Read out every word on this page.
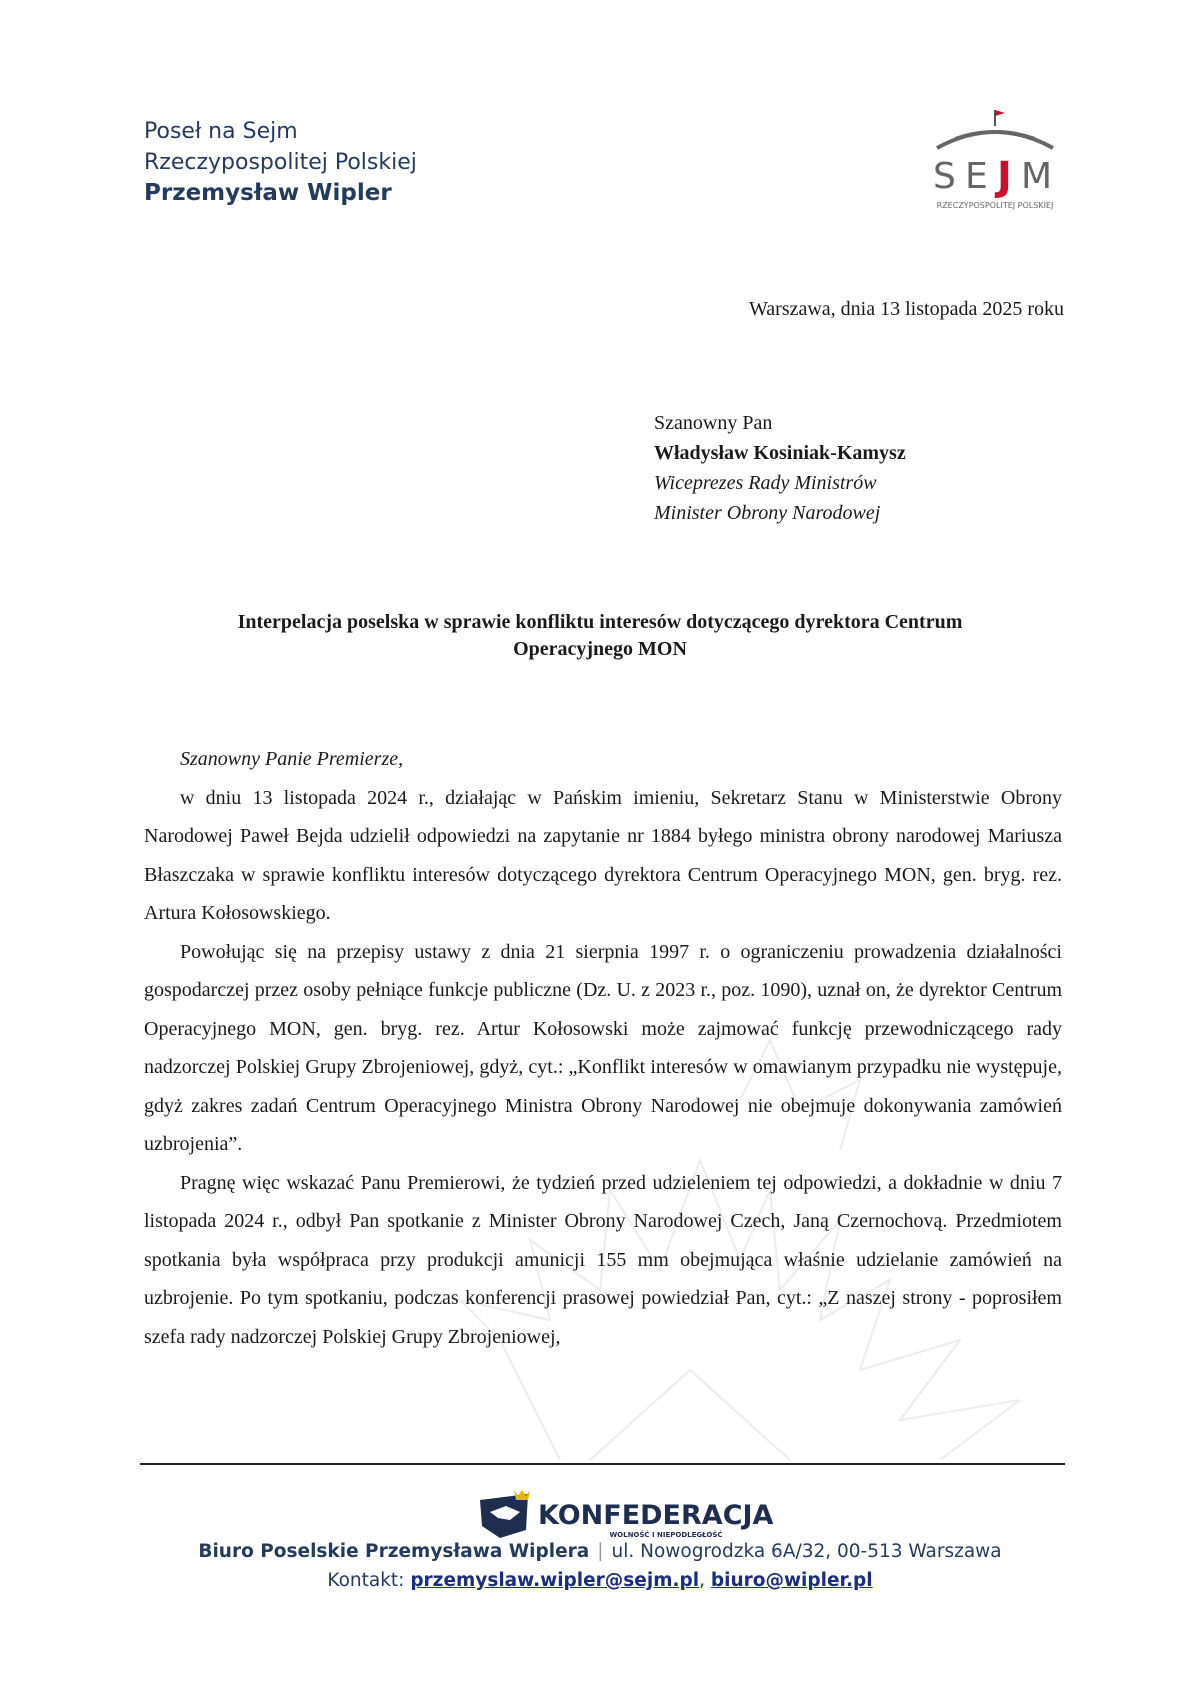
Poseł na Sejm
Rzeczypospolitej Polskiej
Przemysław Wipler	S E J M
RZECZYPOSPOLITEJ POLSKIEJ
Warszawa, dnia 13 listopada 2025 roku
Szanowny Pan
Władysław Kosiniak-Kamysz
Wiceprezes Rady Ministrów
Minister Obrony Narodowej
Interpelacja poselska w sprawie konfliktu interesów dotyczącego dyrektora Centrum
Operacyjnego MON

Szanowny Panie Premierze,

w dniu 13 listopada 2024 r., działając w Pańskim imieniu, Sekretarz Stanu w Ministerstwie Obrony Narodowej Paweł Bejda udzielił odpowiedzi na zapytanie nr 1884 byłego ministra obrony narodowej Mariusza Błaszczaka w sprawie konfliktu interesów dotyczącego dyrektora Centrum Operacyjnego MON, gen. bryg. rez. Artura Kołosowskiego.

Powołując się na przepisy ustawy z dnia 21 sierpnia 1997 r. o ograniczeniu prowadzenia działalności gospodarczej przez osoby pełniące funkcje publiczne (Dz. U. z 2023 r., poz. 1090), uznał on, że dyrektor Centrum Operacyjnego MON, gen. bryg. rez. Artur Kołosowski może zajmować funkcję przewodniczącego rady nadzorczej Polskiej Grupy Zbrojeniowej, gdyż, cyt.: „Konflikt interesów w omawianym przypadku nie występuje, gdyż zakres zadań Centrum Operacyjnego Ministra Obrony Narodowej nie obejmuje dokonywania zamówień uzbrojenia”.

Pragnę więc wskazać Panu Premierowi, że tydzień przed udzieleniem tej odpowiedzi, a dokładnie w dniu 7 listopada 2024 r., odbył Pan spotkanie z Minister Obrony Narodowej Czech, Janą Czernochovą. Przedmiotem spotkania była współpraca przy produkcji amunicji 155 mm obejmująca właśnie udzielanie zamówień na uzbrojenie. Po tym spotkaniu, podczas konferencji prasowej powiedział Pan, cyt.: „Z naszej strony - poprosiłem szefa rady nadzorczej Polskiej Grupy Zbrojeniowej,

KONFEDERACJA
WOLNOŚĆ I NIEPODLEGŁOŚĆ
Biuro Poselskie Przemysława Wiplera | ul. Nowogrodzka 6A/32, 00-513 Warszawa
Kontakt: przemyslaw.wipler@sejm.pl, biuro@wipler.pl
